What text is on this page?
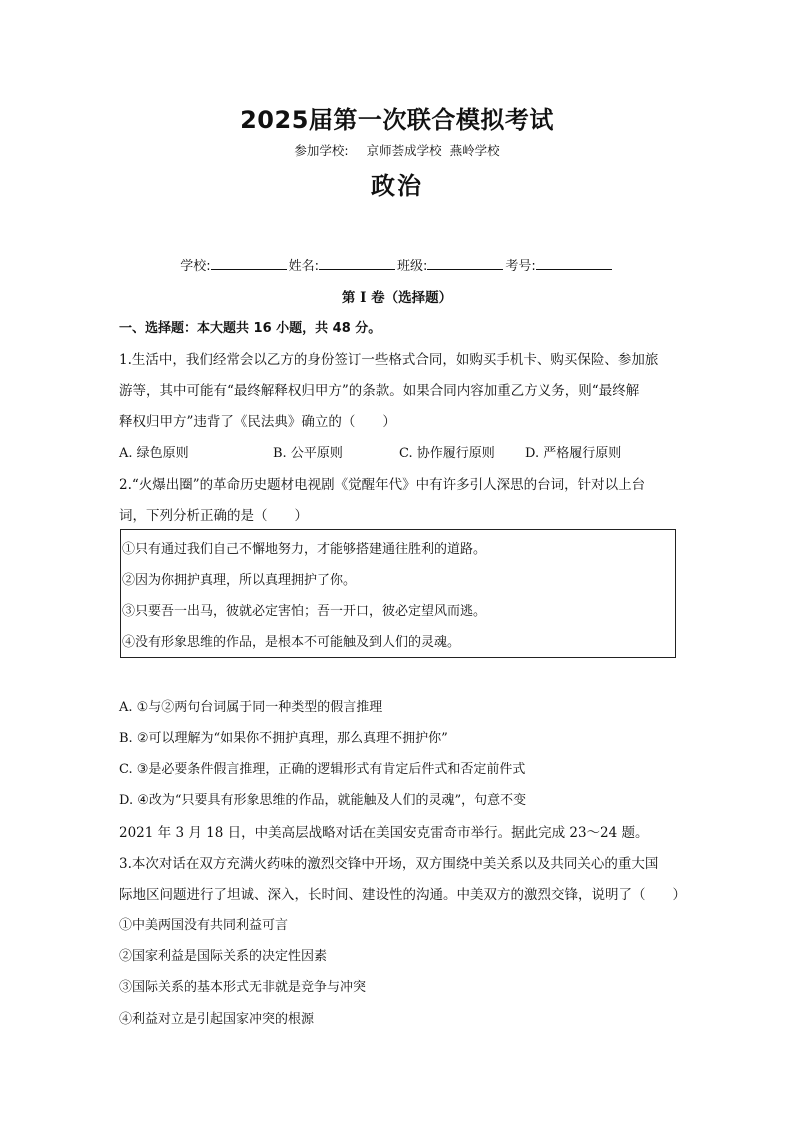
2025届第一次联合模拟考试
参加学校: 京师荟成学校 燕岭学校
政治
学校:	姓名:	班级:	考号:
第 I 卷（选择题）
一、选择题：本大题共 16 小题，共 48 分。
1.生活中，我们经常会以乙方的身份签订一些格式合同，如购买手机卡、购买保险、参加旅
游等，其中可能有“最终解释权归甲方”的条款。如果合同内容加重乙方义务，则“最终解
释权归甲方”违背了《民法典》确立的（　　）
A. 绿色原则	B. 公平原则	C. 协作履行原则 D. 严格履行原则
2.“火爆出圈”的革命历史题材电视剧《觉醒年代》中有许多引人深思的台词，针对以上台
词，下列分析正确的是（　　）
①只有通过我们自己不懈地努力，才能够搭建通往胜利的道路。
②因为你拥护真理，所以真理拥护了你。
③只要吾一出马，彼就必定害怕；吾一开口，彼必定望风而逃。
④没有形象思维的作品，是根本不可能触及到人们的灵魂。
A. ①与②两句台词属于同一种类型的假言推理
B. ②可以理解为“如果你不拥护真理，那么真理不拥护你”
C. ③是必要条件假言推理，正确的逻辑形式有肯定后件式和否定前件式
D. ④改为“只要具有形象思维的作品，就能触及人们的灵魂”，句意不变
2021 年 3 月 18 日，中美高层战略对话在美国安克雷奇市举行。据此完成 23～24 题。
3.本次对话在双方充满火药味的激烈交锋中开场，双方围绕中美关系以及共同关心的重大国
际地区问题进行了坦诚、深入，长时间、建设性的沟通。中美双方的激烈交锋，说明了（　　）
①中美两国没有共同利益可言
②国家利益是国际关系的决定性因素
③国际关系的基本形式无非就是竞争与冲突
④利益对立是引起国家冲突的根源
